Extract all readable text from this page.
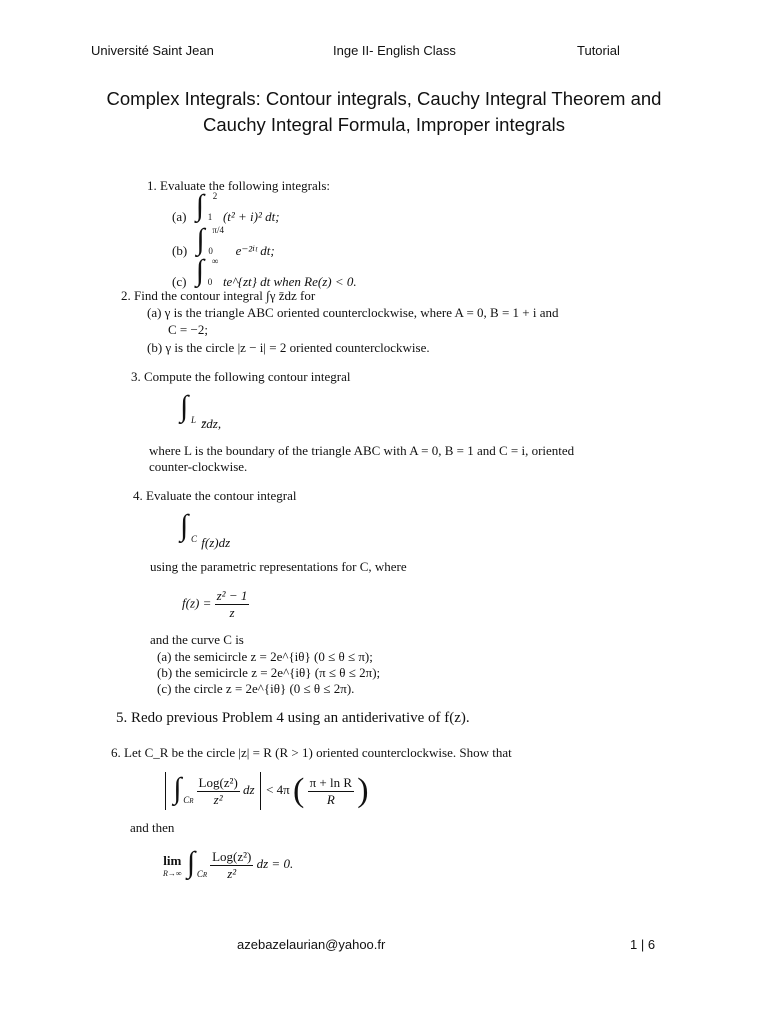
Université Saint Jean	Inge II- English Class	Tutorial
Complex Integrals: Contour integrals, Cauchy Integral Theorem and
Cauchy Integral Formula, Improper integrals
1. Evaluate the following integrals:
(a) ∫ 2
1 (t² + i)² dt;
(b) ∫ π/4
0 e⁻²ⁱᵗ dt;
(c) ∫ ∞
0 te^{zt} dt when Re(z) < 0.
2. Find the contour integral ∫γ z̄dz for
(a) γ is the triangle ABC oriented counterclockwise, where A = 0, B = 1 + i and
C = −2;
(b) γ is the circle |z − i| = 2 oriented counterclockwise.
3. Compute the following contour integral
∫ L z̄dz,
where L is the boundary of the triangle ABC with A = 0, B = 1 and C = i, oriented
counter-clockwise.
4. Evaluate the contour integral
∫ C f(z)dz
using the parametric representations for C, where
$f(z) = \frac{\text{z² − 1}}{z}$
and the curve C is
(a) the semicircle z = 2e^{iθ} (0 ≤ θ ≤ π);
(b) the semicircle z = 2e^{iθ} (π ≤ θ ≤ 2π);
(c) the circle z = 2e^{iθ} (0 ≤ θ ≤ 2π).
5. Redo previous Problem 4 using an antiderivative of f(z).
6. Let C_R be the circle |z| = R (R > 1) oriented counterclockwise. Show that

∫ CR
$\frac{\text{Log(z²)}}{\text{z²}}$ dz < 4π ( $\frac{\text{π + ln R}}{R}$ )
and then
lim
R→∞
∫ CR
$\frac{\text{Log(z²)}}{\text{z²}}$ dz = 0.
azebazelaurian@yahoo.fr	1 | 6
